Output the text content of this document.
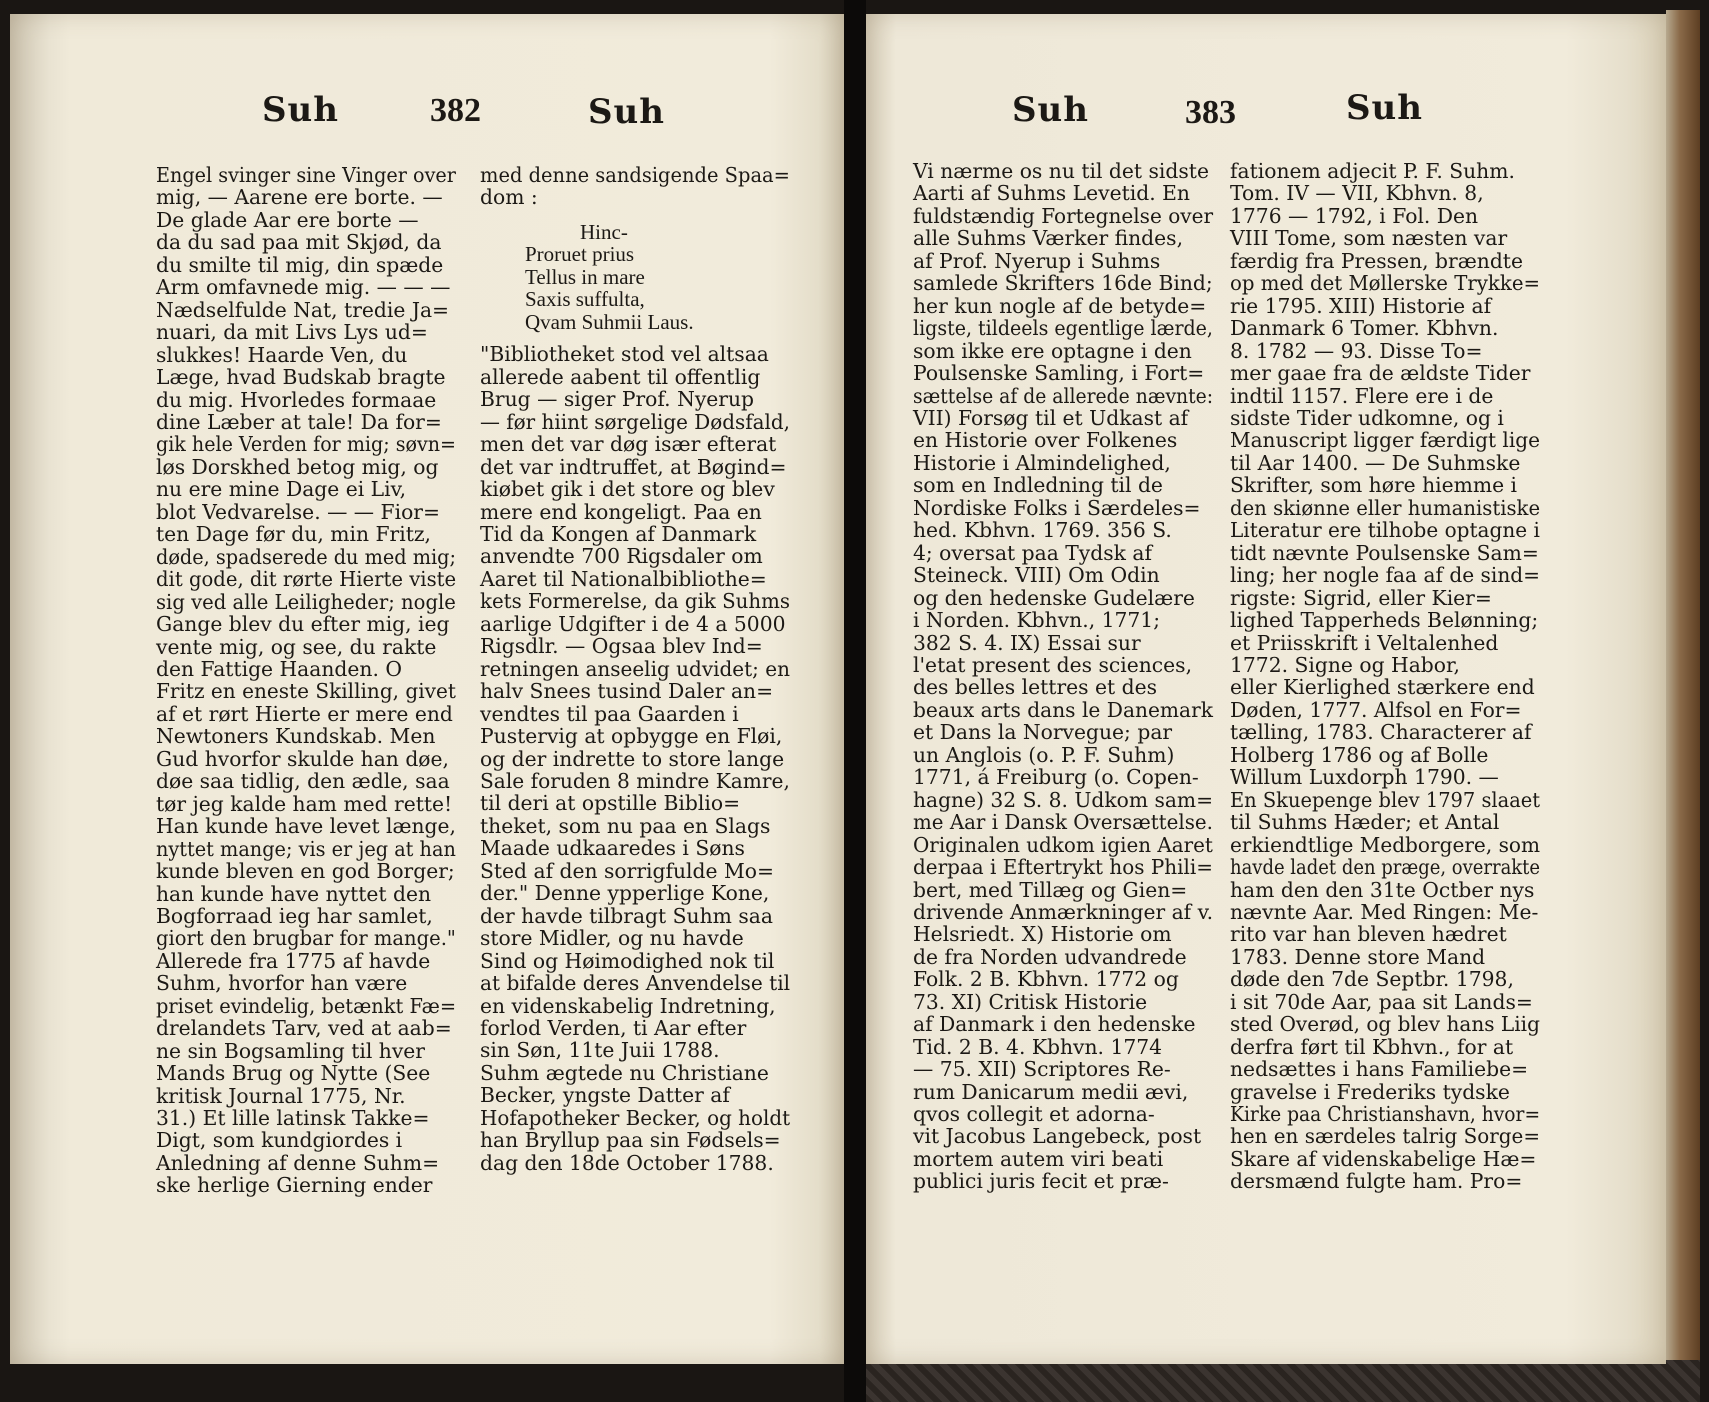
Suh	382	Suh
Engel svinger sine Vinger over
mig, — Aarene ere borte. —
De glade Aar ere borte —
da du sad paa mit Skjød, da
du smilte til mig, din spæde
Arm omfavnede mig. — — —
Nædselfulde Nat, tredie Ja=
nuari, da mit Livs Lys ud=
slukkes! Haarde Ven, du
Læge, hvad Budskab bragte
du mig. Hvorledes formaae
dine Læber at tale! Da for=
gik hele Verden for mig; søvn=
løs Dorskhed betog mig, og
nu ere mine Dage ei Liv,
blot Vedvarelse. — — Fior=
ten Dage før du, min Fritz,
døde, spadserede du med mig;
dit gode, dit rørte Hierte viste
sig ved alle Leiligheder; nogle
Gange blev du efter mig, ieg
vente mig, og see, du rakte
den Fattige Haanden. O
Fritz en eneste Skilling, givet
af et rørt Hierte er mere end
Newtoners Kundskab. Men
Gud hvorfor skulde han døe,
døe saa tidlig, den ædle, saa
tør jeg kalde ham med rette!
Han kunde have levet længe,
nyttet mange; vis er jeg at han
kunde bleven en god Borger;
han kunde have nyttet den
Bogforraad ieg har samlet,
giort den brugbar for mange."
Allerede fra 1775 af havde
Suhm, hvorfor han være
priset evindelig, betænkt Fæ=
drelandets Tarv, ved at aab=
ne sin Bogsamling til hver
Mands Brug og Nytte (See
kritisk Journal 1775, Nr.
31.) Et lille latinsk Takke=
Digt, som kundgiordes i
Anledning af denne Suhm=
ske herlige Gierning ender
med denne sandsigende Spaa=
dom :
Hinc-
Proruet prius
Tellus in mare
Saxis suffulta,
Qvam Suhmii Laus.
"Bibliotheket stod vel altsaa
allerede aabent til offentlig
Brug — siger Prof. Nyerup
— før hiint sørgelige Dødsfald,
men det var døg især efterat
det var indtruffet, at Bøgind=
kiøbet gik i det store og blev
mere end kongeligt. Paa en
Tid da Kongen af Danmark
anvendte 700 Rigsdaler om
Aaret til Nationalbibliothe=
kets Formerelse, da gik Suhms
aarlige Udgifter i de 4 a 5000
Rigsdlr. — Ogsaa blev Ind=
retningen anseelig udvidet; en
halv Snees tusind Daler an=
vendtes til paa Gaarden i
Pustervig at opbygge en Fløi,
og der indrette to store lange
Sale foruden 8 mindre Kamre,
til deri at opstille Biblio=
theket, som nu paa en Slags
Maade udkaaredes i Søns
Sted af den sorrigfulde Mo=
der." Denne ypperlige Kone,
der havde tilbragt Suhm saa
store Midler, og nu havde
Sind og Høimodighed nok til
at bifalde deres Anvendelse til
en videnskabelig Indretning,
forlod Verden, ti Aar efter
sin Søn, 11te Juii 1788.
Suhm ægtede nu Christiane
Becker, yngste Datter af
Hofapotheker Becker, og holdt
han Bryllup paa sin Fødsels=
dag den 18de October 1788.
Suh	383	Suh
Vi nærme os nu til det sidste
Aarti af Suhms Levetid. En
fuldstændig Fortegnelse over
alle Suhms Værker findes,
af Prof. Nyerup i Suhms
samlede Skrifters 16de Bind;
her kun nogle af de betyde=
ligste, tildeels egentlige lærde,
som ikke ere optagne i den
Poulsenske Samling, i Fort=
sættelse af de allerede nævnte:
VII) Forsøg til et Udkast af
en Historie over Folkenes
Historie i Almindelighed,
som en Indledning til de
Nordiske Folks i Særdeles=
hed. Kbhvn. 1769. 356 S.
4; oversat paa Tydsk af
Steineck. VIII) Om Odin
og den hedenske Gudelære
i Norden. Kbhvn., 1771;
382 S. 4. IX) Essai sur
l'etat present des sciences,
des belles lettres et des
beaux arts dans le Danemark
et Dans la Norvegue; par
un Anglois (o. P. F. Suhm)
1771, á Freiburg (o. Copen-
hagne) 32 S. 8. Udkom sam=
me Aar i Dansk Oversættelse.
Originalen udkom igien Aaret
derpaa i Eftertrykt hos Phili=
bert, med Tillæg og Gien=
drivende Anmærkninger af v.
Helsriedt. X) Historie om
de fra Norden udvandrede
Folk. 2 B. Kbhvn. 1772 og
73. XI) Critisk Historie
af Danmark i den hedenske
Tid. 2 B. 4. Kbhvn. 1774
— 75. XII) Scriptores Re-
rum Danicarum medii ævi,
qvos collegit et adorna-
vit Jacobus Langebeck, post
mortem autem viri beati
publici juris fecit et præ-
fationem adjecit P. F. Suhm.
Tom. IV — VII, Kbhvn. 8,
1776 — 1792, i Fol. Den
VIII Tome, som næsten var
færdig fra Pressen, brændte
op med det Møllerske Trykke=
rie 1795. XIII) Historie af
Danmark 6 Tomer. Kbhvn.
8. 1782 — 93. Disse To=
mer gaae fra de ældste Tider
indtil 1157. Flere ere i de
sidste Tider udkomne, og i
Manuscript ligger færdigt lige
til Aar 1400. — De Suhmske
Skrifter, som høre hiemme i
den skiønne eller humanistiske
Literatur ere tilhobe optagne i
tidt nævnte Poulsenske Sam=
ling; her nogle faa af de sind=
rigste: Sigrid, eller Kier=
lighed Tapperheds Belønning;
et Priisskrift i Veltalenhed
1772. Signe og Habor,
eller Kierlighed stærkere end
Døden, 1777. Alfsol en For=
tælling, 1783. Characterer af
Holberg 1786 og af Bolle
Willum Luxdorph 1790. —
En Skuepenge blev 1797 slaaet
til Suhms Hæder; et Antal
erkiendtlige Medborgere, som
havde ladet den præge, overrakte
ham den den 31te Octber nys
nævnte Aar. Med Ringen: Me-
rito var han bleven hædret
1783. Denne store Mand
døde den 7de Septbr. 1798,
i sit 70de Aar, paa sit Lands=
sted Overød, og blev hans Liig
derfra ført til Kbhvn., for at
nedsættes i hans Familiebe=
gravelse i Frederiks tydske
Kirke paa Christianshavn, hvor=
hen en særdeles talrig Sorge=
Skare af videnskabelige Hæ=
dersmænd fulgte ham. Pro=
